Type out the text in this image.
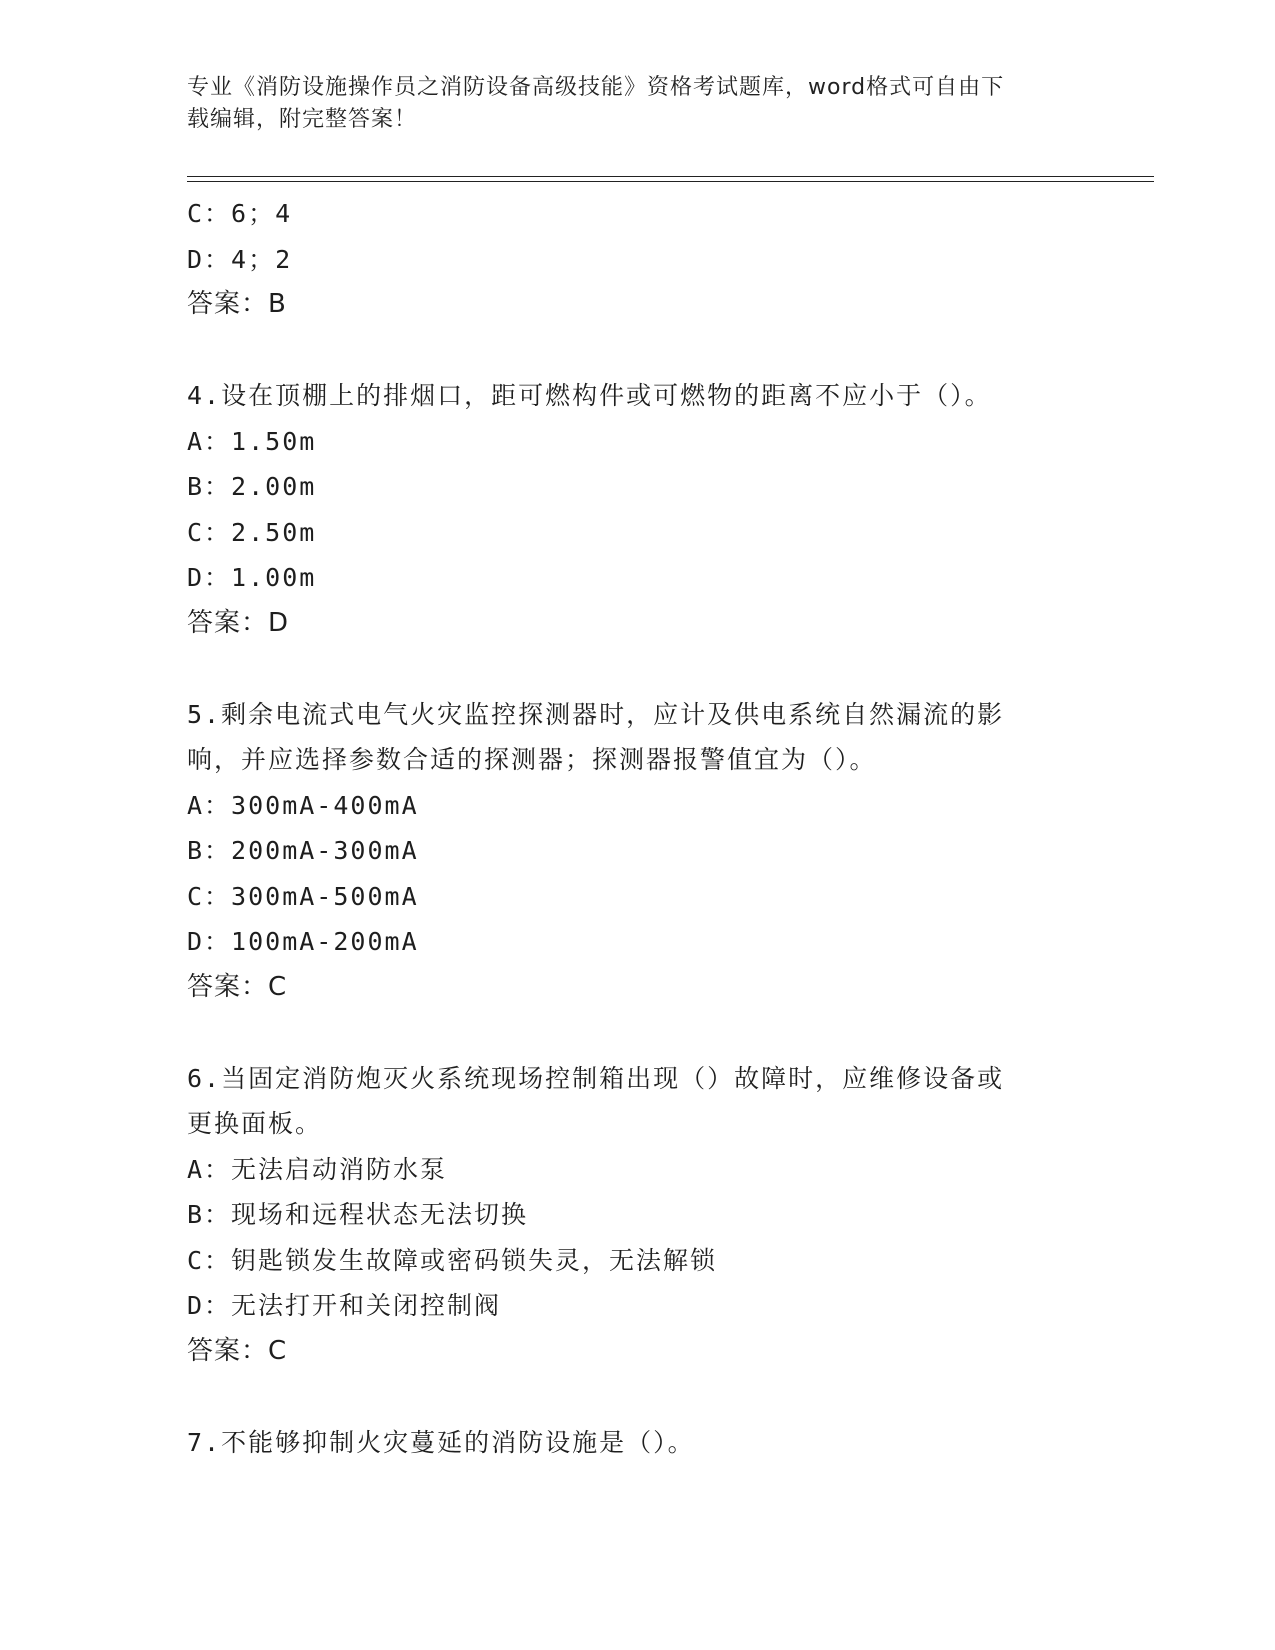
专业《消防设施操作员之消防设备高级技能》资格考试题库，word格式可自由下
载编辑，附完整答案！
C：6；4
D：4；2
答案：B
4.设在顶棚上的排烟口，距可燃构件或可燃物的距离不应小于（）。
A：1.50m
B：2.00m
C：2.50m
D：1.00m
答案：D
5.剩余电流式电气火灾监控探测器时，应计及供电系统自然漏流的影
响，并应选择参数合适的探测器；探测器报警值宜为（）。
A：300mA-400mA
B：200mA-300mA
C：300mA-500mA
D：100mA-200mA
答案：C
6.当固定消防炮灭火系统现场控制箱出现（）故障时，应维修设备或
更换面板。
A：无法启动消防水泵
B：现场和远程状态无法切换
C：钥匙锁发生故障或密码锁失灵，无法解锁
D：无法打开和关闭控制阀
答案：C
7.不能够抑制火灾蔓延的消防设施是（）。
